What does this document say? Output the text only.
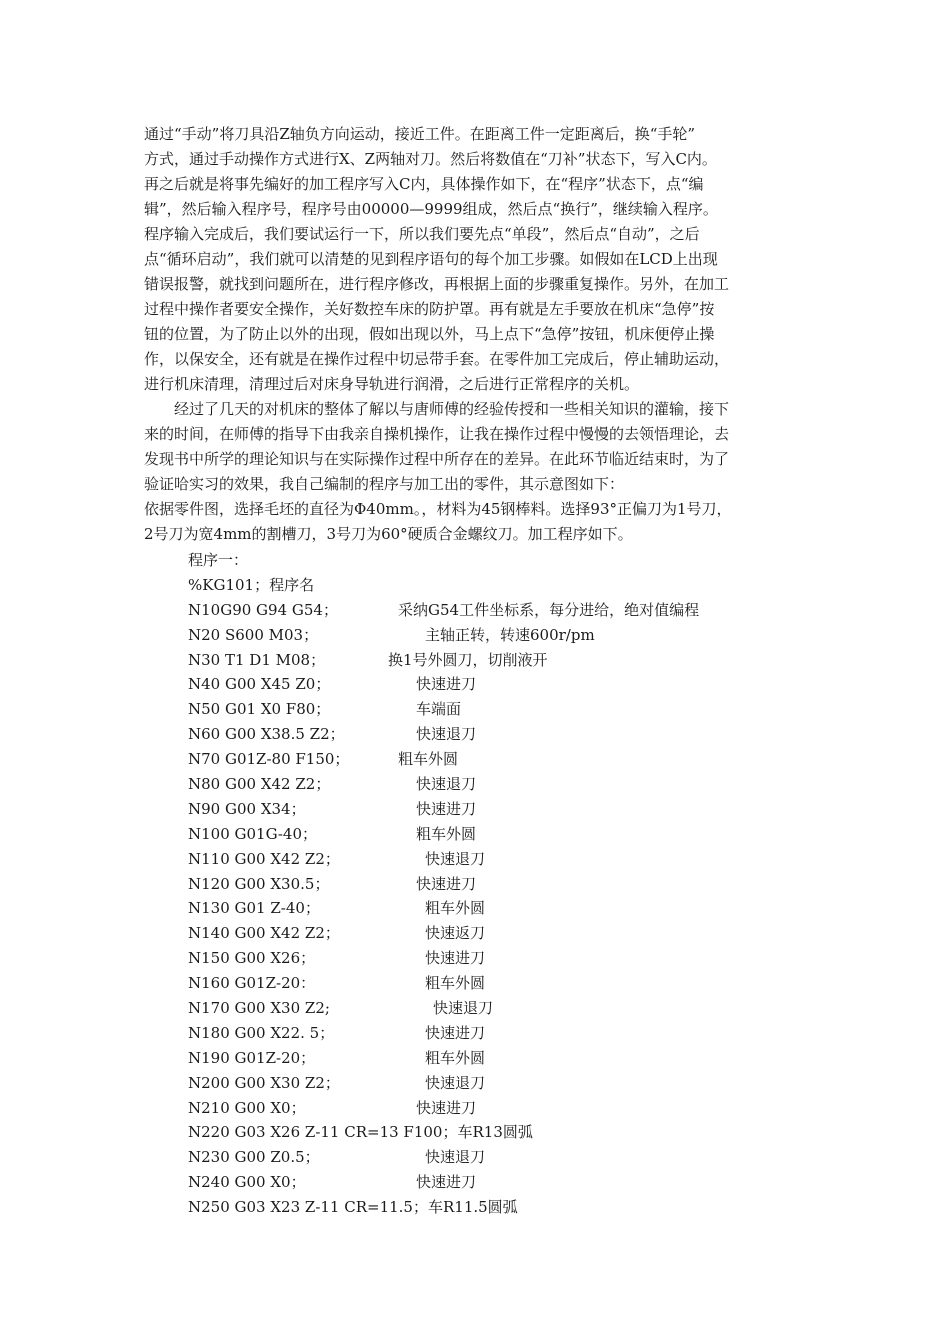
通过“手动”将刀具沿Z轴负方向运动，接近工件。在距离工件一定距离后，换“手轮”
方式，通过手动操作方式进行X、Z两轴对刀。然后将数值在“刀补”状态下，写入C内。
再之后就是将事先编好的加工程序写入C内，具体操作如下，在“程序”状态下，点“编
辑”，然后输入程序号，程序号由00000—9999组成，然后点“换行”，继续输入程序。
程序输入完成后，我们要试运行一下，所以我们要先点“单段”，然后点“自动”，之后
点“循环启动”，我们就可以清楚的见到程序语句的每个加工步骤。如假如在LCD上出现
错误报警，就找到问题所在，进行程序修改，再根据上面的步骤重复操作。另外，在加工
过程中操作者要安全操作，关好数控车床的防护罩。再有就是左手要放在机床“急停”按
钮的位置，为了防止以外的出现，假如出现以外，马上点下“急停”按钮，机床便停止操
作，以保安全，还有就是在操作过程中切忌带手套。在零件加工完成后，停止辅助运动，
进行机床清理，清理过后对床身导轨进行润滑，之后进行正常程序的关机。
经过了几天的对机床的整体了解以与唐师傅的经验传授和一些相关知识的灌输，接下
来的时间，在师傅的指导下由我亲自操机操作，让我在操作过程中慢慢的去领悟理论，去
发现书中所学的理论知识与在实际操作过程中所存在的差异。在此环节临近结束时，为了
验证哈实习的效果，我自己编制的程序与加工出的零件，其示意图如下：
依据零件图，选择毛坯的直径为Φ40mm。，材料为45钢棒料。选择93°正偏刀为1号刀，
2号刀为宽4mm的割槽刀，3号刀为60°硬质合金螺纹刀。加工程序如下。
程序一：
%KG101；程序名
N10G90 G94 G54；	采纳G54工件坐标系，每分进给，绝对值编程
N20 S600 M03；	主轴正转，转速600r/pm
N30 T1 D1 M08；	换1号外圆刀，切削液开
N40 G00 X45 Z0；	快速进刀
N50 G01 X0 F80；	车端面
N60 G00 X38.5 Z2；	快速退刀
N70 G01Z-80 F150；	粗车外圆
N80 G00 X42 Z2；	快速退刀
N90 G00 X34；	快速进刀
N100 G01G-40；	粗车外圆
N110 G00 X42 Z2；	快速退刀
N120 G00 X30.5；	快速进刀
N130 G01 Z-40；	粗车外圆
N140 G00 X42 Z2；	快速返刀
N150 G00 X26；	快速进刀
N160 G01Z-20：	粗车外圆
N170 G00 X30 Z2;	快速退刀
N180 G00 X22. 5；	快速进刀
N190 G01Z-20；	粗车外圆
N200 G00 X30 Z2；	快速退刀
N210 G00 X0；	快速进刀
N220 G03 X26 Z-11 CR=13 F100；车R13圆弧
N230 G00 Z0.5；	快速退刀
N240 G00 X0；	快速进刀
N250 G03 X23 Z-11 CR=11.5；车R11.5圆弧
